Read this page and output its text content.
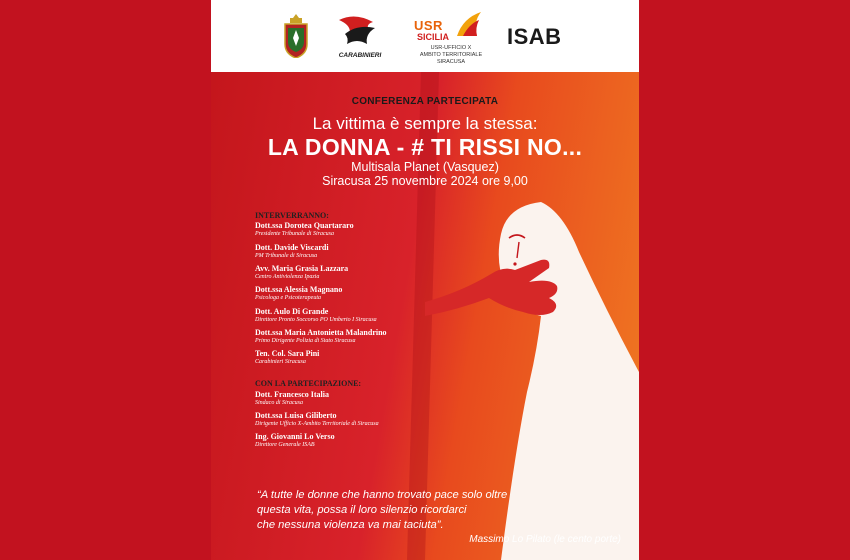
CARABINIERI
USR
SICILIA
USR-UFFICIO X
AMBITO TERRITORIALE
SIRACUSA
ISAB
CONFERENZA PARTECIPATA
La vittima è sempre la stessa:
LA DONNA - # TI RISSI NO...
Multisala Planet (Vasquez)
Siracusa 25 novembre 2024 ore 9,00
INTERVERRANNO:
Dott.ssa Dorotea Quartararo
Presidente Tribunale di Siracusa
Dott. Davide Viscardi
PM Tribunale di Siracusa
Avv. Maria Grasia Lazzara
Centro Antiviolenza Ipazia
Dott.ssa Alessia Magnano
Psicologa e Psicoterapeuta
Dott. Aulo Di Grande
Direttore Pronto Soccorso PO Umberto I Siracusa
Dott.ssa Maria Antonietta Malandrino
Primo Dirigente Polizia di Stato Siracusa
Ten. Col. Sara Pini
Carabinieri Siracusa
CON LA PARTECIPAZIONE:
Dott. Francesco Italia
Sindaco di Siracusa
Dott.ssa Luisa Giliberto
Dirigente Ufficio X-Ambito Territoriale di Siracusa
Ing. Giovanni Lo Verso
Direttore Generale ISAB
“A tutte le donne che hanno trovato pace solo oltre
questa vita, possa il loro silenzio ricordarci
che nessuna violenza va mai taciuta”.
Massimo Lo Pilato (le cento porte)
